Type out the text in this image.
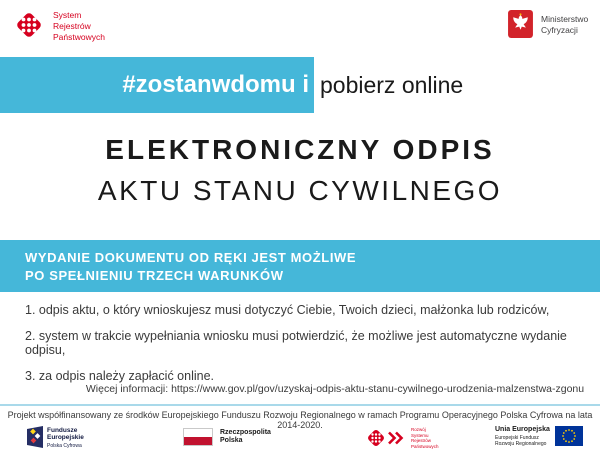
System
Rejestrów
Państwowych
Ministerstwo
Cyfryzacji
#zostanwdomu i pobierz online
ELEKTRONICZNY ODPIS
AKTU STANU CYWILNEGO
WYDANIE DOKUMENTU OD RĘKI JEST MOŻLIWE
PO SPEŁNIENIU TRZECH WARUNKÓW

1. odpis aktu, o który wnioskujesz musi dotyczyć Ciebie, Twoich dzieci, małżonka lub rodziców,

2. system w trakcie wypełniania wniosku musi potwierdzić, że możliwe jest automatyczne wydanie odpisu,

3. za odpis należy zapłacić online.

Więcej informacji: https://www.gov.pl/gov/uzyskaj-odpis-aktu-stanu-cywilnego-urodzenia-malzenstwa-zgonu
Projekt współfinansowany ze środków Europejskiego Funduszu Rozwoju Regionalnego w ramach Programu Operacyjnego Polska Cyfrowa na lata 2014-2020.
Fundusze
Europejskie
Polska Cyfrowa
Rzeczpospolita
Polska
Rozwój
Systemu
Rejestrów
Państwowych
Unia Europejska
Europejski Fundusz
Rozwoju Regionalnego
